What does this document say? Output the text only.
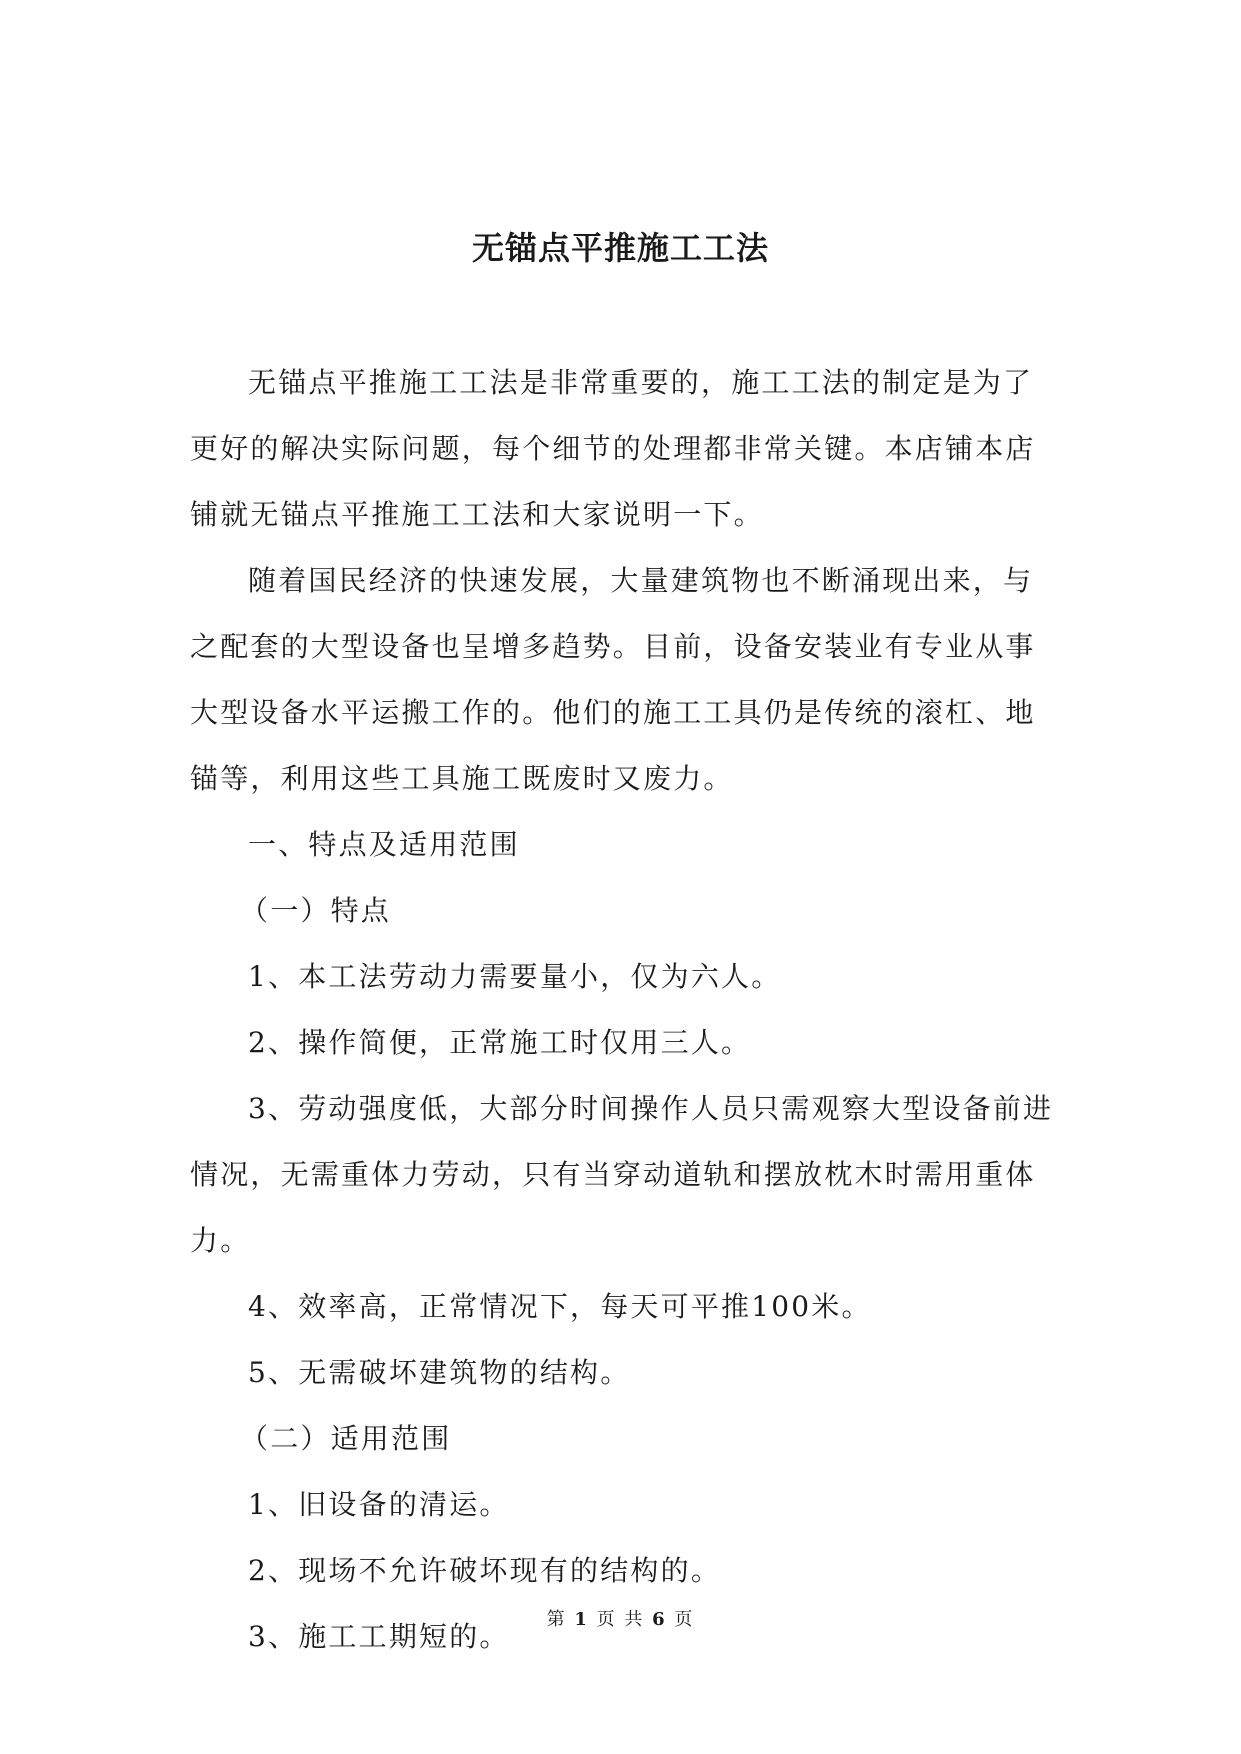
无锚点平推施工工法

无锚点平推施工工法是非常重要的，施工工法的制定是为了更好的解决实际问题，每个细节的处理都非常关键。本店铺本店铺就无锚点平推施工工法和大家说明一下。

随着国民经济的快速发展，大量建筑物也不断涌现出来，与之配套的大型设备也呈增多趋势。目前，设备安装业有专业从事大型设备水平运搬工作的。他们的施工工具仍是传统的滚杠、地锚等，利用这些工具施工既废时又废力。

一、特点及适用范围

（一）特点

1、本工法劳动力需要量小，仅为六人。

2、操作简便，正常施工时仅用三人。

3、劳动强度低，大部分时间操作人员只需观察大型设备前进情况，无需重体力劳动，只有当穿动道轨和摆放枕木时需用重体力。

4、效率高，正常情况下，每天可平推100米。

5、无需破坏建筑物的结构。

（二）适用范围

1、旧设备的清运。

2、现场不允许破坏现有的结构的。

3、施工工期短的。

第 1 页 共 6 页
